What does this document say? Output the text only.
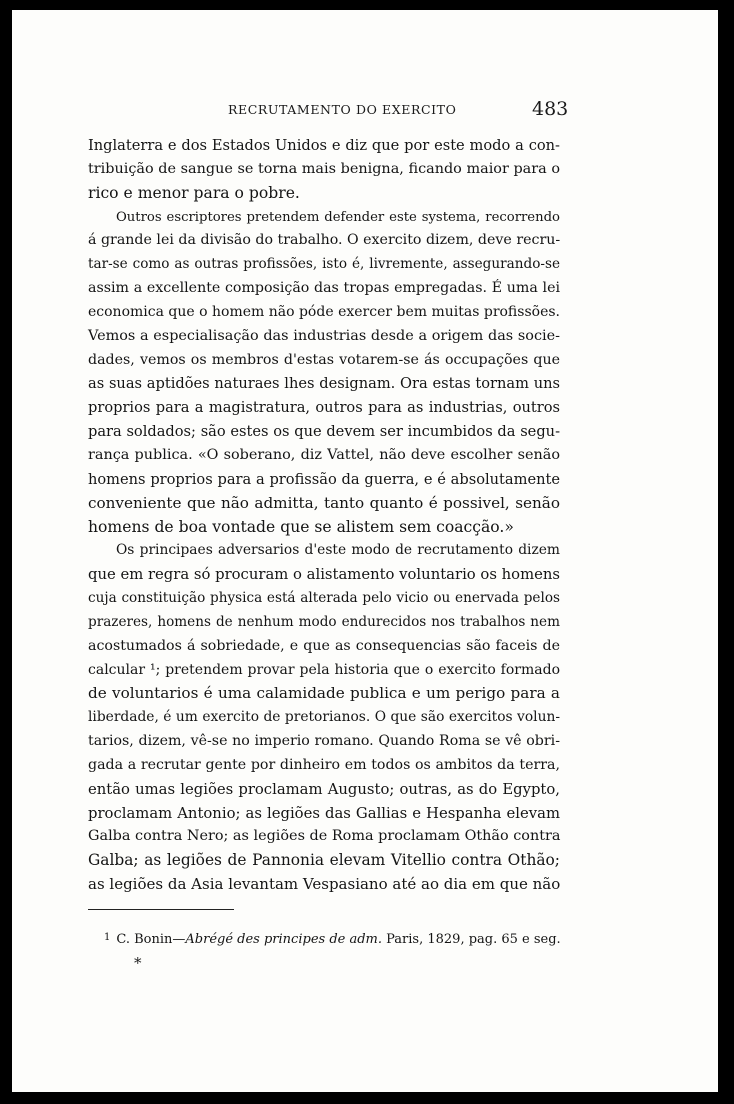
RECRUTAMENTO DO EXERCITO	483
Inglaterra e dos Estados Unidos e diz que por este modo a con-
tribuição de sangue se torna mais benigna, ficando maior para o
rico e menor para o pobre.
Outros escriptores pretendem defender este systema, recorrendo
á grande lei da divisão do trabalho. O exercito dizem, deve recru-
tar-se como as outras profissões, isto é, livremente, assegurando-se
assim a excellente composição das tropas empregadas. É uma lei
economica que o homem não póde exercer bem muitas profissões.
Vemos a especialisação das industrias desde a origem das socie-
dades, vemos os membros d'estas votarem-se ás occupações que
as suas aptidões naturaes lhes designam. Ora estas tornam uns
proprios para a magistratura, outros para as industrias, outros
para soldados; são estes os que devem ser incumbidos da segu-
rança publica. «O soberano, diz Vattel, não deve escolher senão
homens proprios para a profissão da guerra, e é absolutamente
conveniente que não admitta, tanto quanto é possivel, senão
homens de boa vontade que se alistem sem coacção.»
Os principaes adversarios d'este modo de recrutamento dizem
que em regra só procuram o alistamento voluntario os homens
cuja constituição physica está alterada pelo vicio ou enervada pelos
prazeres, homens de nenhum modo endurecidos nos trabalhos nem
acostumados á sobriedade, e que as consequencias são faceis de
calcular ¹; pretendem provar pela historia que o exercito formado
de voluntarios é uma calamidade publica e um perigo para a
liberdade, é um exercito de pretorianos. O que são exercitos volun-
tarios, dizem, vê-se no imperio romano. Quando Roma se vê obri-
gada a recrutar gente por dinheiro em todos os ambitos da terra,
então umas legiões proclamam Augusto; outras, as do Egypto,
proclamam Antonio; as legiões das Gallias e Hespanha elevam
Galba contra Nero; as legiões de Roma proclamam Othão contra
Galba; as legiões de Pannonia elevam Vitellio contra Othão;
as legiões da Asia levantam Vespasiano até ao dia em que não
$^1$ C. Bonin—Abrégé des principes de adm. Paris, 1829, pag. 65 e seg.
*
